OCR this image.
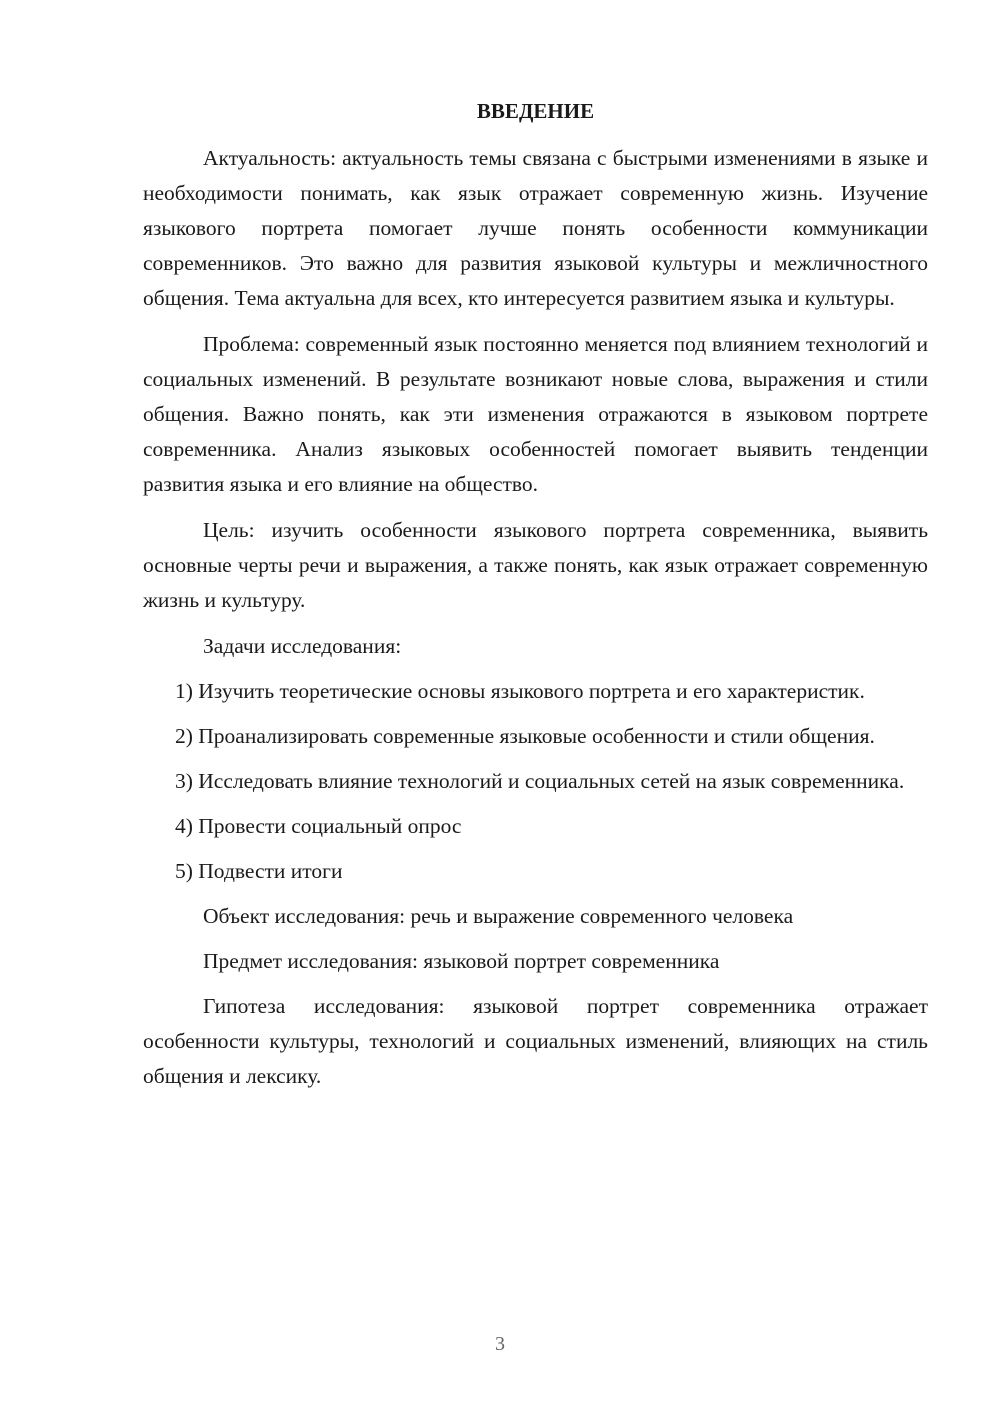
ВВЕДЕНИЕ

Актуальность: актуальность темы связана с быстрыми изменениями в языке и необходимости понимать, как язык отражает современную жизнь. Изучение языкового портрета помогает лучше понять особенности коммуникации современников. Это важно для развития языковой культуры и межличностного общения. Тема актуальна для всех, кто интересуется развитием языка и культуры.

Проблема: современный язык постоянно меняется под влиянием технологий и социальных изменений. В результате возникают новые слова, выражения и стили общения. Важно понять, как эти изменения отражаются в языковом портрете современника. Анализ языковых особенностей помогает выявить тенденции развития языка и его влияние на общество.

Цель: изучить особенности языкового портрета современника, выявить основные черты речи и выражения, а также понять, как язык отражает современную жизнь и культуру.

Задачи исследования:

1) Изучить теоретические основы языкового портрета и его характеристик.

2) Проанализировать современные языковые особенности и стили общения.

3) Исследовать влияние технологий и социальных сетей на язык современника.

4) Провести социальный опрос

5) Подвести итоги

Объект исследования: речь и выражение современного человека

Предмет исследования: языковой портрет современника

Гипотеза исследования: языковой портрет современника отражает особенности культуры, технологий и социальных изменений, влияющих на стиль общения и лексику.

3
